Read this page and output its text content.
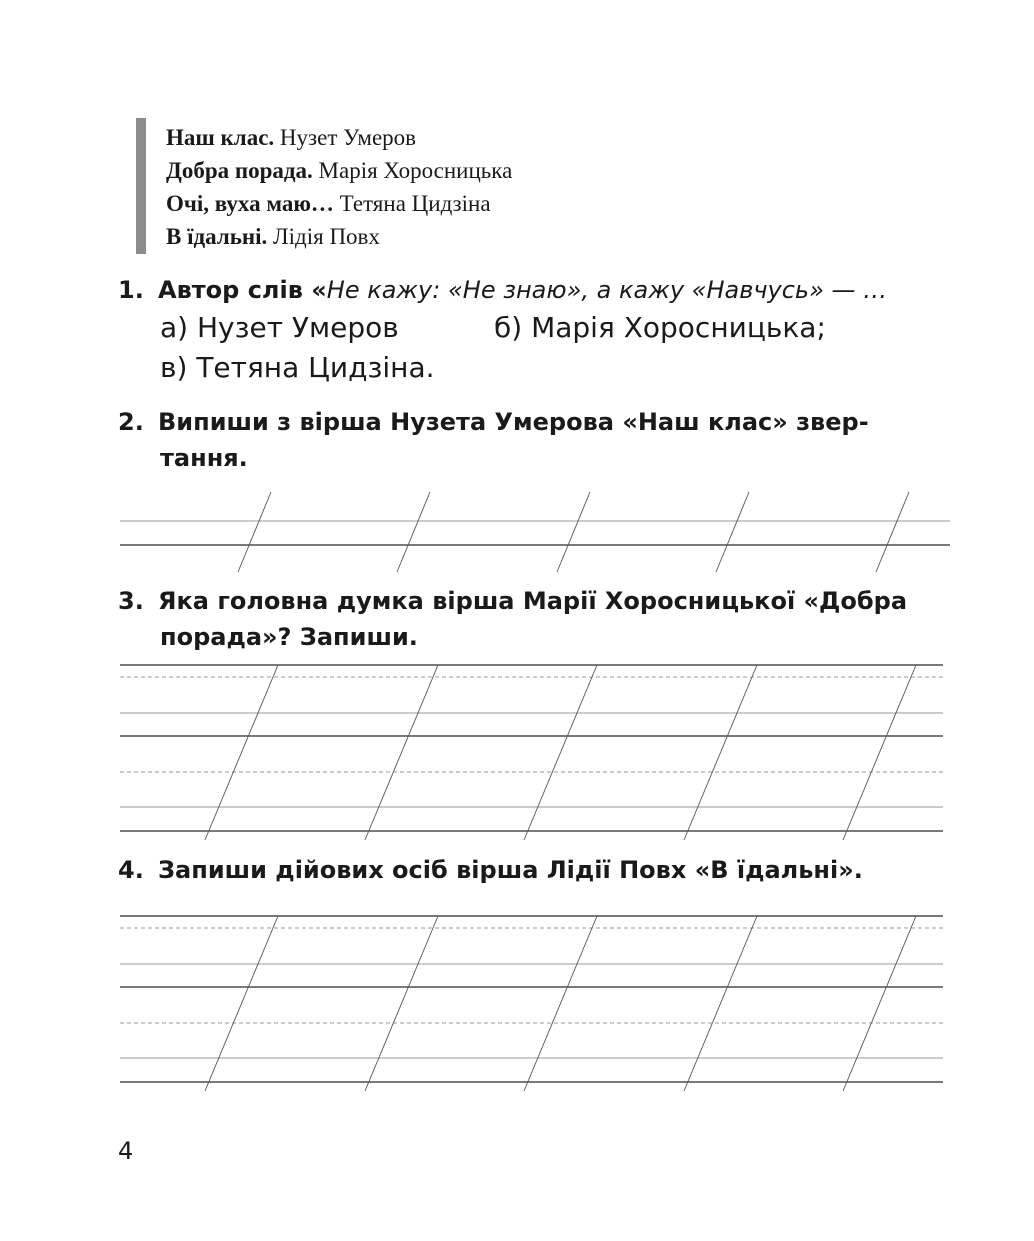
Наш клас. Нузет Умеров
Добра порада. Марія Хоросницька
Очі, вуха маю… Тетяна Цидзіна
В їдальні. Лідія Повх
1. Автор слів «Не кажу: «Не знаю», а кажу «Навчусь» — …
а) Нузет Умеров	б) Марія Хоросницька;
в) Тетяна Цидзіна.
2. Випиши з вірша Нузета Умерова «Наш клас» звер-
тання.
3. Яка головна думка вірша Марії Хоросницької «Добра
порада»? Запиши.
4. Запиши дійових осіб вірша Лідії Повх «В їдальні».
4
